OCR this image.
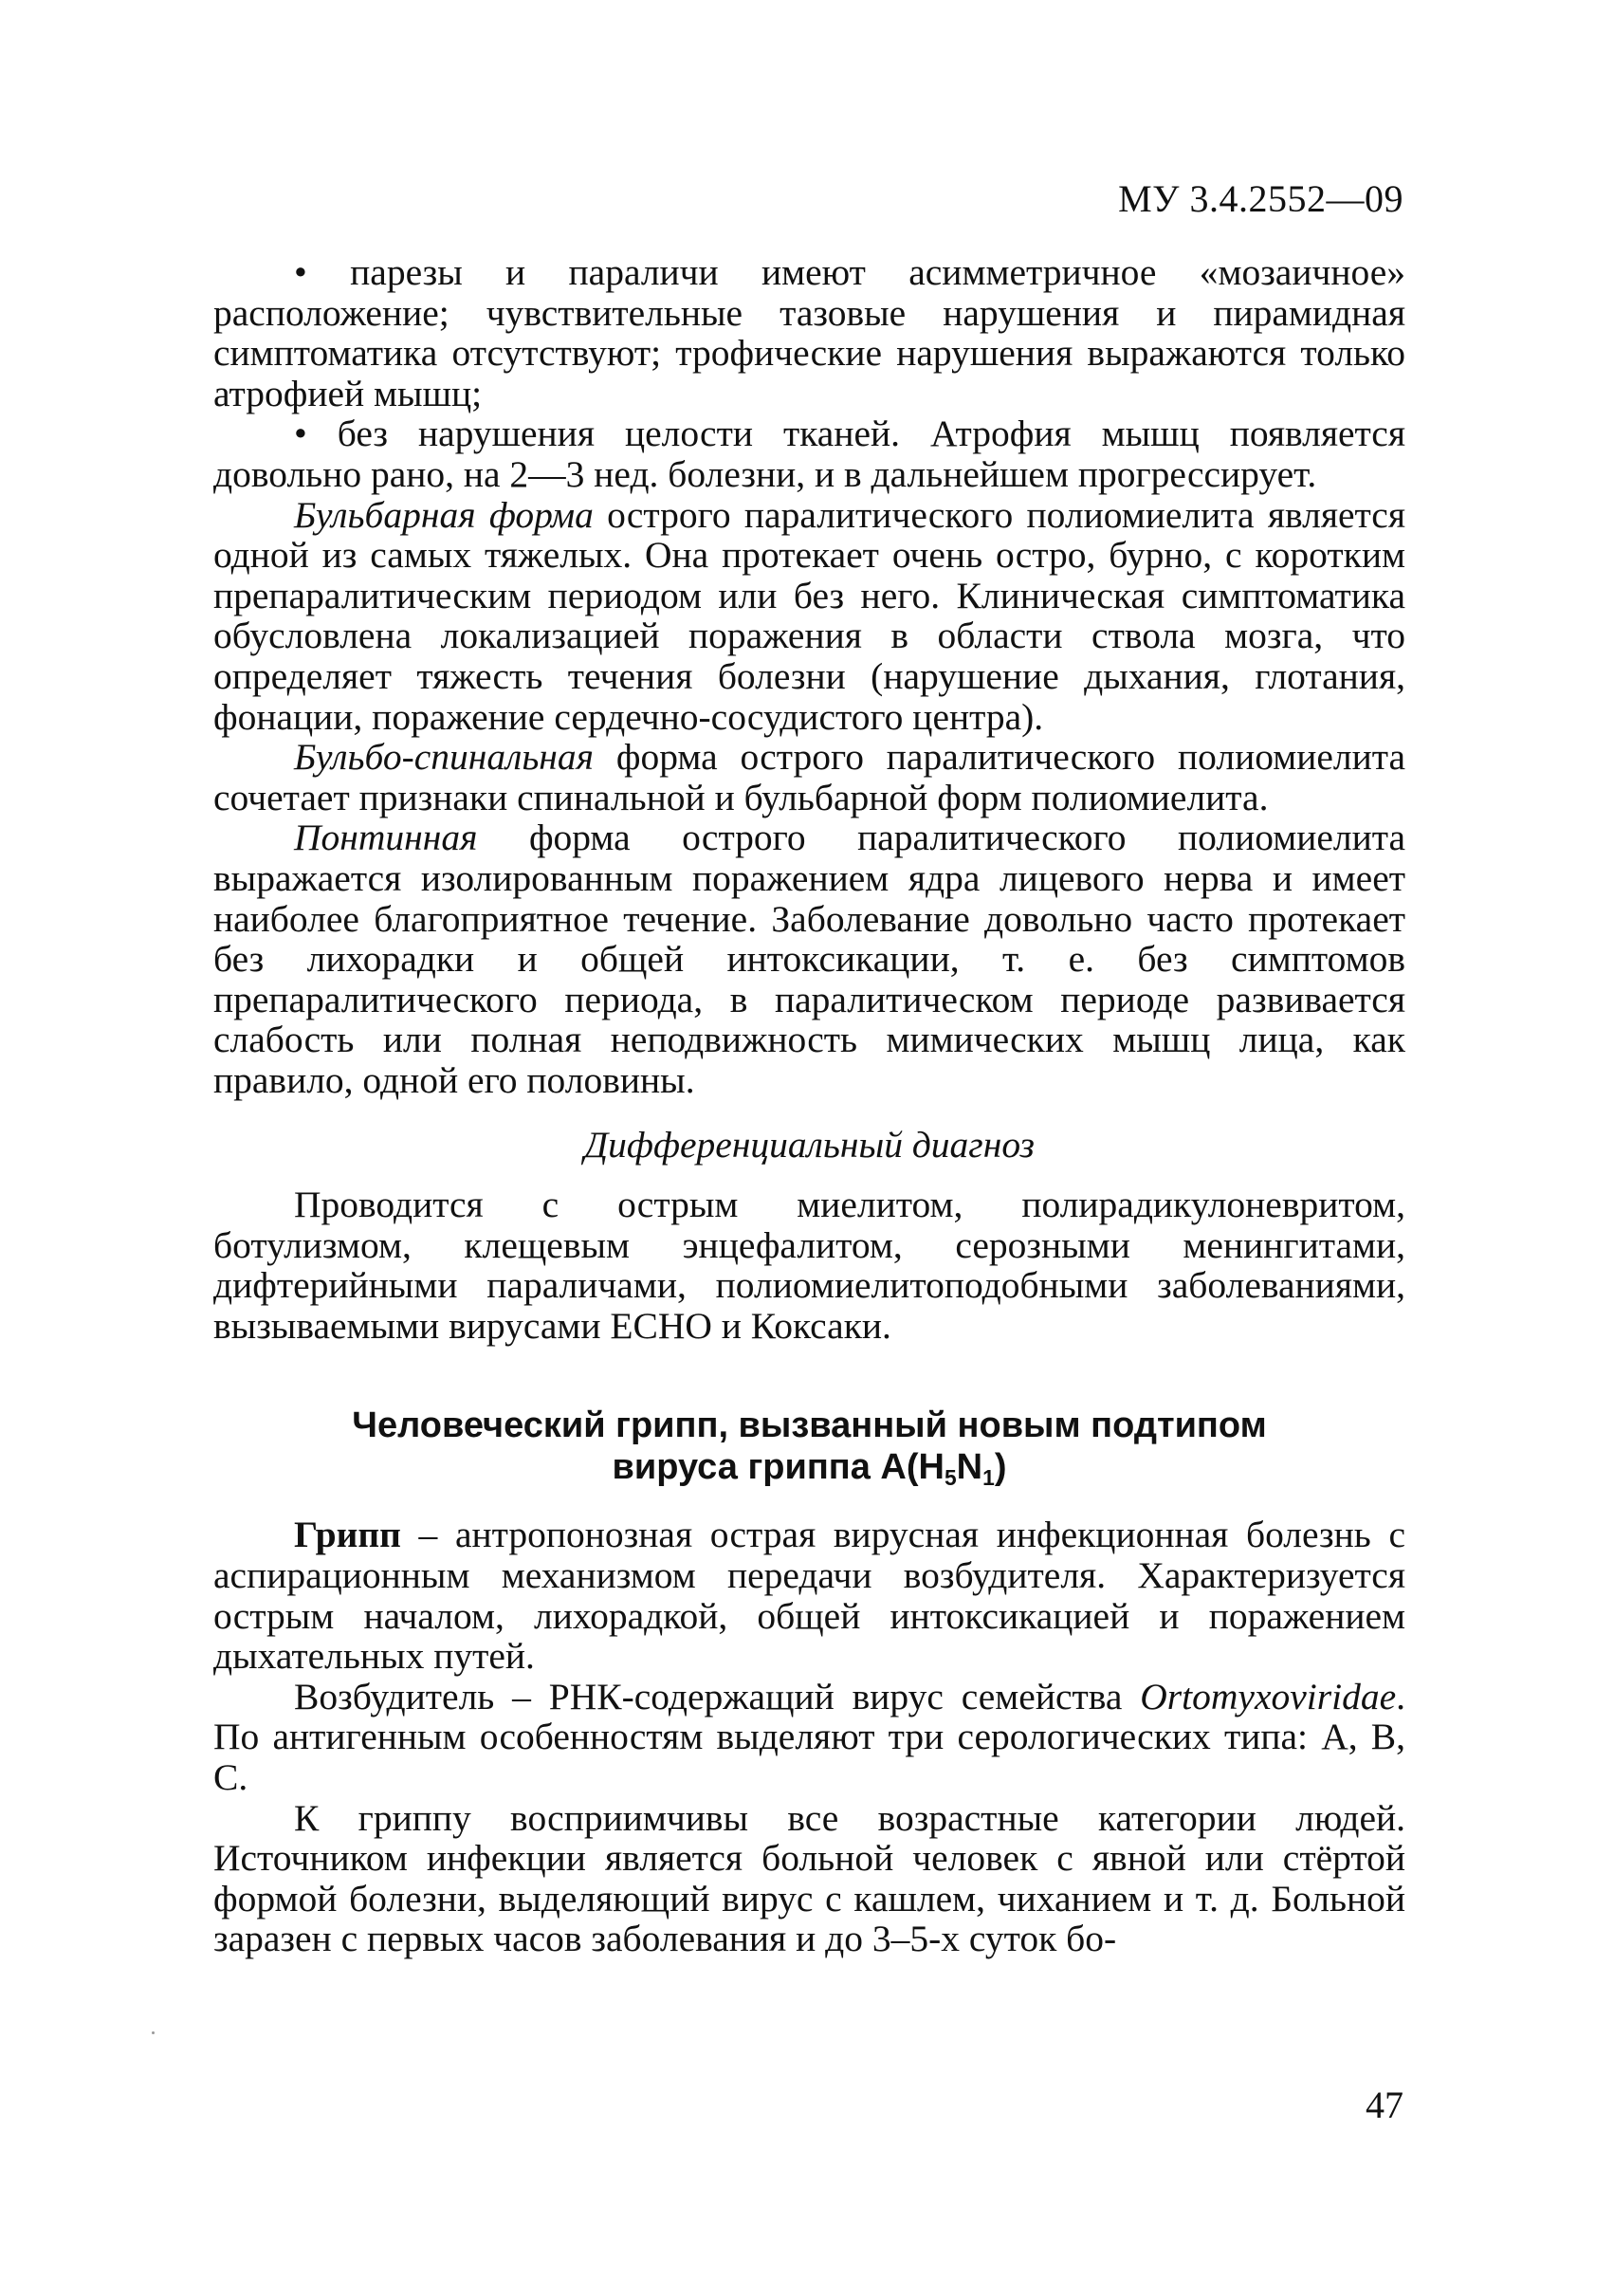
МУ 3.4.2552—09

• парезы и параличи имеют асимметричное «мозаичное» расположение; чувствительные тазовые нарушения и пирамидная симптоматика отсутствуют; трофические нарушения выражаются только атрофией мышц;

• без нарушения целости тканей. Атрофия мышц появляется довольно рано, на 2—3 нед. болезни, и в дальнейшем прогрессирует.

Бульбарная форма острого паралитического полиомиелита является одной из самых тяжелых. Она протекает очень остро, бурно, с коротким препаралитическим периодом или без него. Клиническая симптоматика обусловлена локализацией поражения в области ствола мозга, что определяет тяжесть течения болезни (нарушение дыхания, глотания, фонации, поражение сердечно-сосудистого центра).

Бульбо-спинальная форма острого паралитического полиомиелита сочетает признаки спинальной и бульбарной форм полиомиелита.

Понтинная форма острого паралитического полиомиелита выражается изолированным поражением ядра лицевого нерва и имеет наиболее благоприятное течение. Заболевание довольно часто протекает без лихорадки и общей интоксикации, т. е. без симптомов препаралитического периода, в паралитическом периоде развивается слабость или полная неподвижность мимических мышц лица, как правило, одной его половины.

Дифференциальный диагноз

Проводится с острым миелитом, полирадикулоневритом, ботулизмом, клещевым энцефалитом, серозными менингитами, дифтерийными параличами, полиомиелитоподобными заболеваниями, вызываемыми вирусами ЕСНО и Коксаки.

Человеческий грипп, вызванный новым подтипом
вируса гриппа $A(H_5N_1)$

Грипп – антропонозная острая вирусная инфекционная болезнь с аспирационным механизмом передачи возбудителя. Характеризуется острым началом, лихорадкой, общей интоксикацией и поражением дыхательных путей.

Возбудитель – РНК-содержащий вирус семейства Ortomyxoviridae. По антигенным особенностям выделяют три серологических типа: А, В, С.

К гриппу восприимчивы все возрастные категории людей. Источником инфекции является больной человек с явной или стёртой формой болезни, выделяющий вирус с кашлем, чиханием и т. д. Больной заразен с первых часов заболевания и до 3–5-х суток бо-

47
